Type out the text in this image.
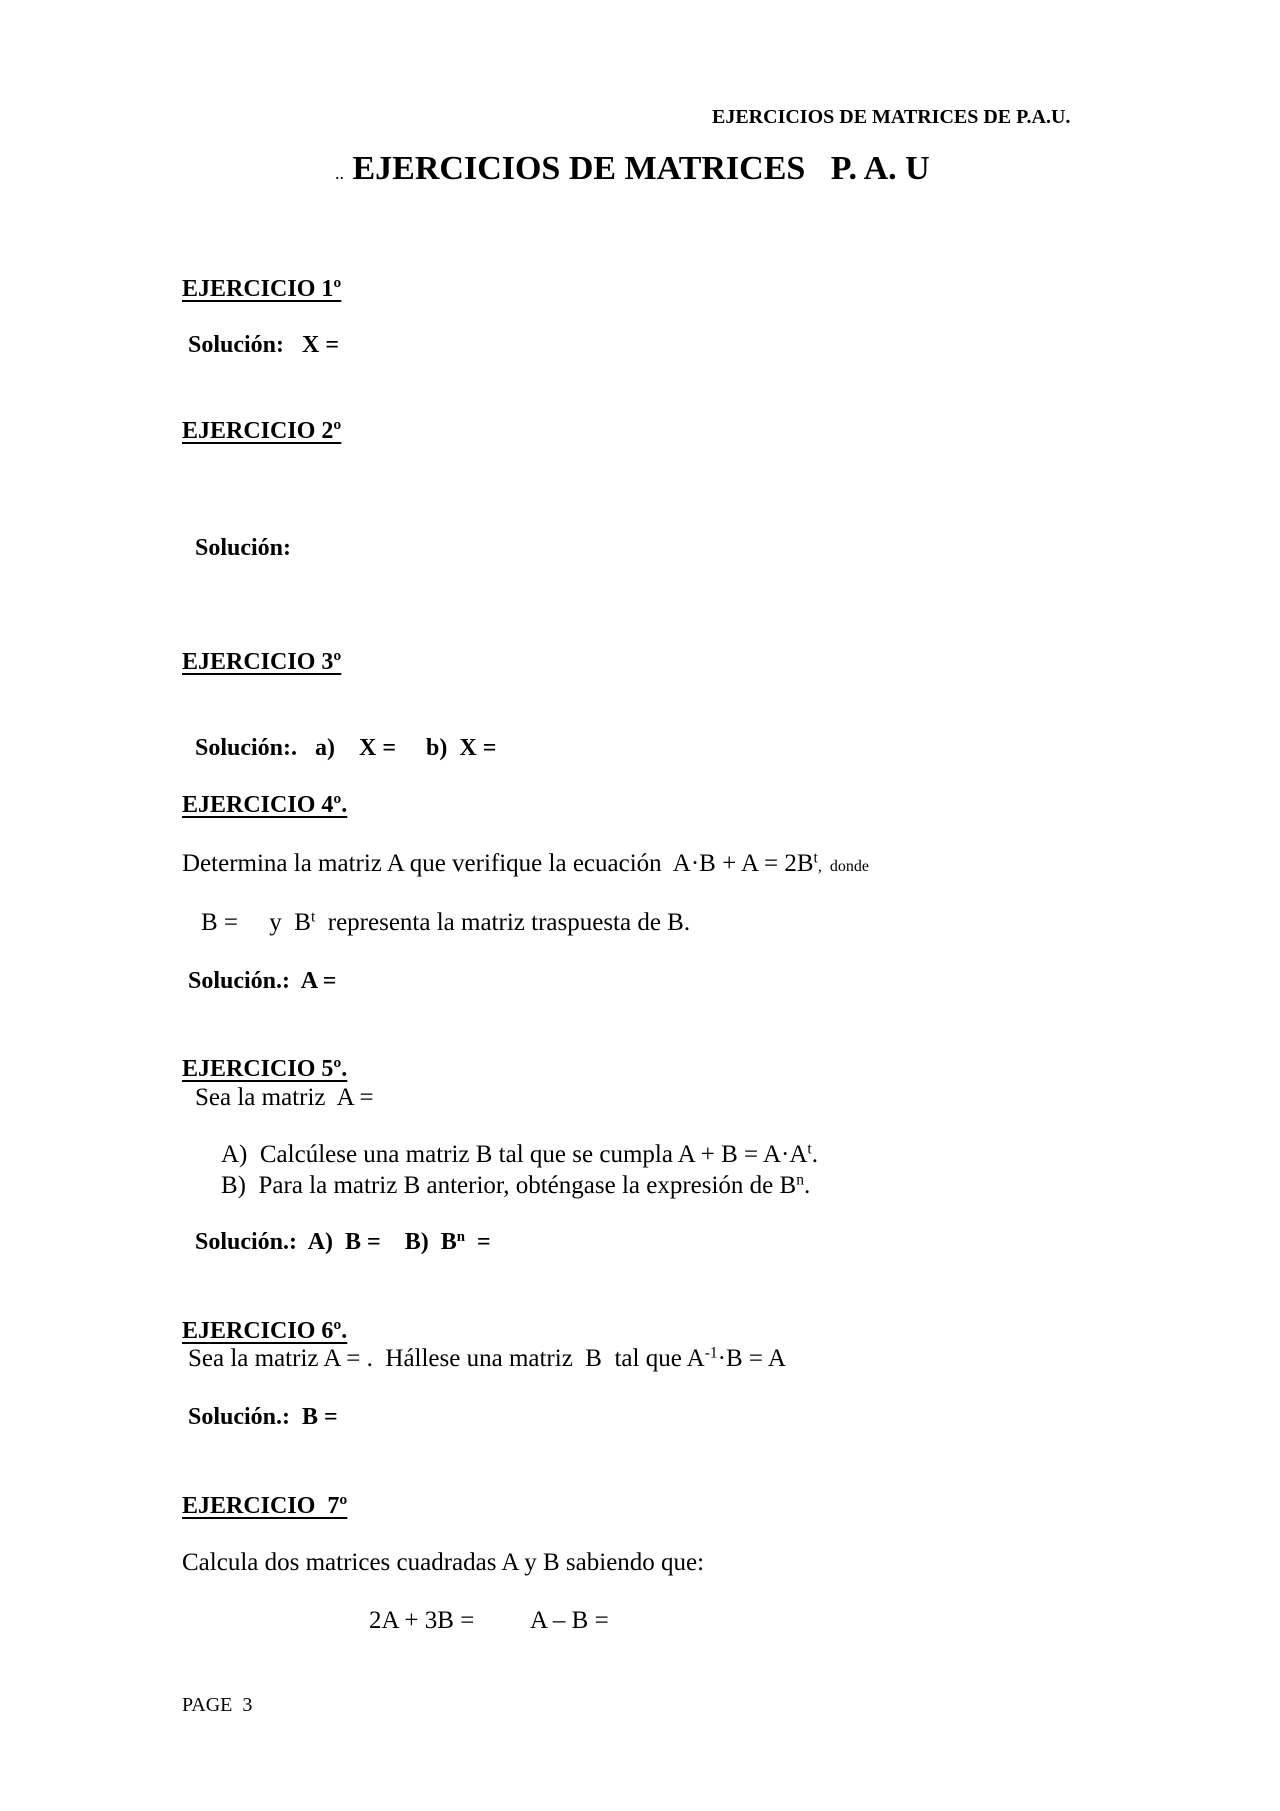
EJERCICIOS DE MATRICES DE P.A.U.
.. EJERCICIOS DE MATRICES   P. A. U
EJERCICIO 1º
Solución:   X =
EJERCICIO 2º
Solución:
EJERCICIO 3º
Solución:.   a)    X =     b)  X =
EJERCICIO 4º.
Determina la matriz A que verifique la ecuación  $A\cdot B + A = 2B^t$,  donde
B =     y  $B^t$  representa la matriz traspuesta de B.
Solución.:  A =
EJERCICIO 5º.
Sea la matriz  A =
A)  Calcúlese una matriz B tal que se cumpla $A + B = A\cdot A^t$.
B)  Para la matriz B anterior, obténgase la expresión de $B^n$.
Solución.:  A)  B =    B)  $B^n$  =
EJERCICIO 6º.
Sea la matriz A = .  Hállese una matriz  B  tal que $A^{-1}\cdot B = A$
Solución.:  B =
EJERCICIO  7º
Calcula dos matrices cuadradas A y B sabiendo que:
2A + 3B = A – B =
PAGE  3
